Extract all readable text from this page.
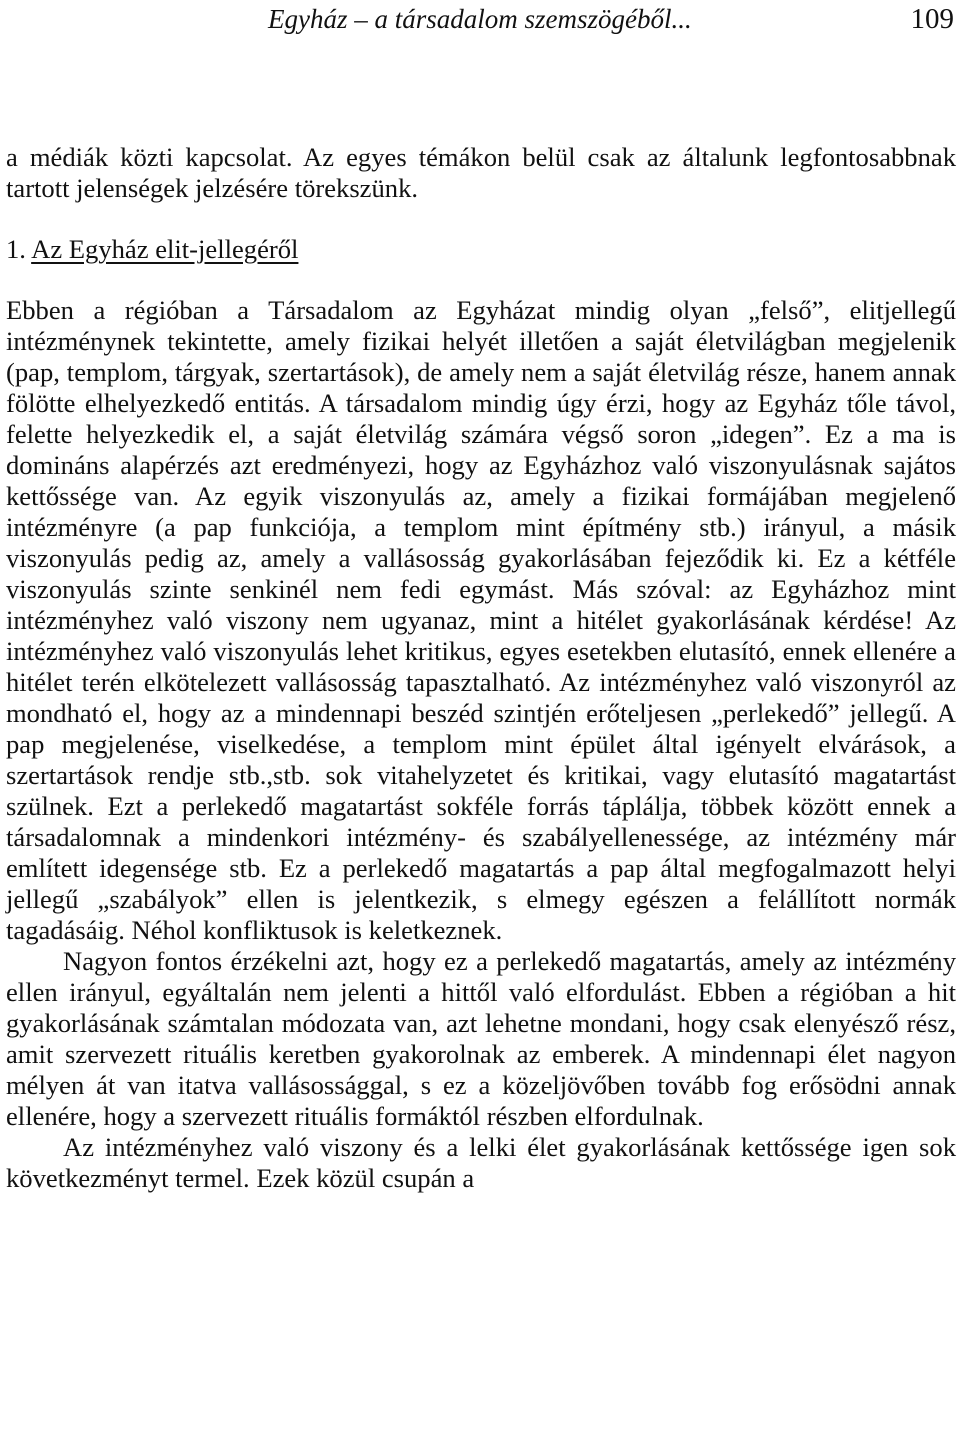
Egyház – a társadalom szemszögéből...	109

a médiák közti kapcsolat. Az egyes témákon belül csak az általunk legfontosabbnak tartott jelenségek jelzésére törekszünk.

1. Az Egyház elit-jellegéről

Ebben a régióban a Társadalom az Egyházat mindig olyan „felső”, elitjellegű intézménynek tekintette, amely fizikai helyét illetően a saját életvilágban megjelenik (pap, templom, tárgyak, szertartások), de amely nem a saját életvilág része, hanem annak fölötte elhelyezkedő entitás. A társadalom mindig úgy érzi, hogy az Egyház tőle távol, felette helyezkedik el, a saját életvilág számára végső soron „idegen”. Ez a ma is domináns alapérzés azt eredményezi, hogy az Egyházhoz való viszonyulásnak sajátos kettőssége van. Az egyik viszonyulás az, amely a fizikai formájában megjelenő intézményre (a pap funkciója, a templom mint építmény stb.) irányul, a másik viszonyulás pedig az, amely a vallásosság gyakorlásában fejeződik ki. Ez a kétféle viszonyulás szinte senkinél nem fedi egymást. Más szóval: az Egyházhoz mint intézményhez való viszony nem ugyanaz, mint a hitélet gyakorlásának kérdése! Az intézményhez való viszonyulás lehet kritikus, egyes esetekben elutasító, ennek ellenére a hitélet terén elkötelezett vallásosság tapasztalható. Az intézményhez való viszonyról az mondható el, hogy az a mindennapi beszéd szintjén erőteljesen „perlekedő” jellegű. A pap megjelenése, viselkedése, a templom mint épület által igényelt elvárások, a szertartások rendje stb.,stb. sok vitahelyzetet és kritikai, vagy elutasító magatartást szülnek. Ezt a perlekedő magatartást sokféle forrás táplálja, többek között ennek a társadalomnak a mindenkori intézmény- és szabályellenessége, az intézmény már említett idegensége stb. Ez a perlekedő magatartás a pap által megfogalmazott helyi jellegű „szabályok” ellen is jelentkezik, s elmegy egészen a felállított normák tagadásáig. Néhol konfliktusok is keletkeznek.

Nagyon fontos érzékelni azt, hogy ez a perlekedő magatartás, amely az intézmény ellen irányul, egyáltalán nem jelenti a hittől való elfordulást. Ebben a régióban a hit gyakorlásának számtalan módozata van, azt lehetne mondani, hogy csak elenyésző rész, amit szervezett rituális keretben gyakorolnak az emberek. A mindennapi élet nagyon mélyen át van itatva vallásossággal, s ez a közeljövőben tovább fog erősödni annak ellenére, hogy a szervezett rituális formáktól részben elfordulnak.

Az intézményhez való viszony és a lelki élet gyakorlásának kettőssége igen sok következményt termel. Ezek közül csupán a
